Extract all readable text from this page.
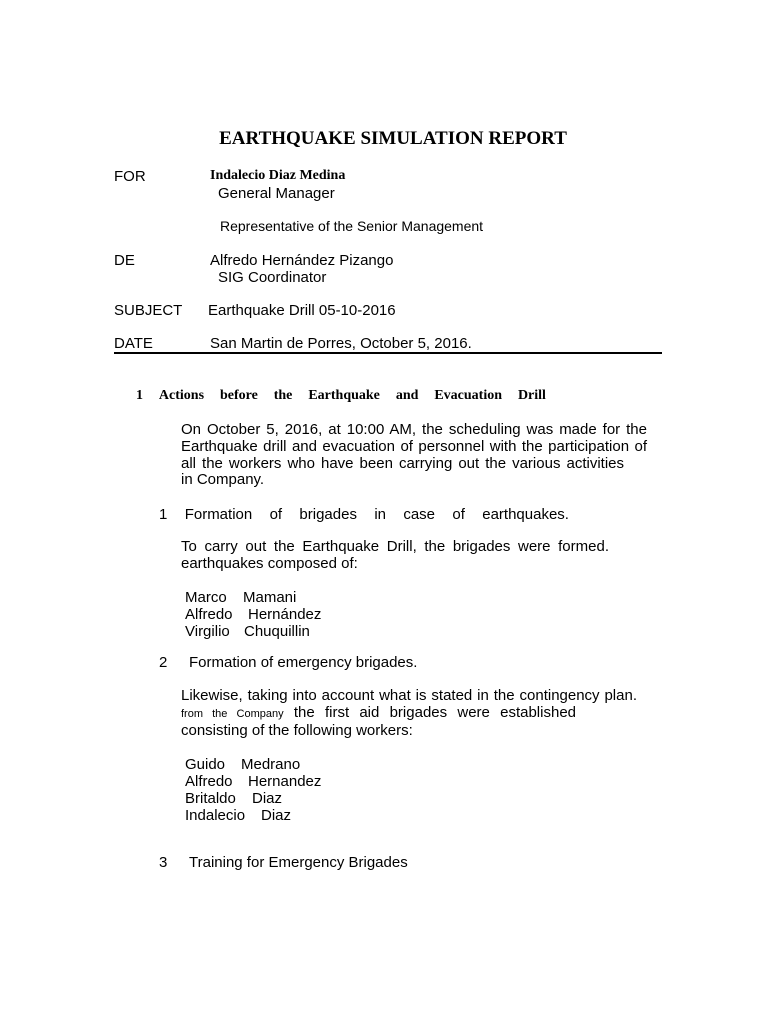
EARTHQUAKE SIMULATION REPORT
FOR	Indalecio Diaz Medina
General Manager
Representative of the Senior Management
DE	Alfredo Hernández Pizango
SIG Coordinator
SUBJECT Earthquake Drill 05-10-2016
DATE	San Martin de Porres, October 5, 2016.
1 Actions before the Earthquake and Evacuation Drill
On October 5, 2016, at 10:00 AM, the scheduling was made for the
Earthquake drill and evacuation of personnel with the participation of
all the workers who have been carrying out the various activities
in Company.
1 Formation of brigades in case of earthquakes.
To carry out the Earthquake Drill, the brigades were formed.
earthquakes composed of:
Marco Mamani
Alfredo Hernández
Virgilio Chuquillin
2 Formation of emergency brigades.
Likewise, taking into account what is stated in the contingency plan.
from the Company the first aid brigades were established
consisting of the following workers:
Guido Medrano
Alfredo Hernandez
Britaldo Diaz
Indalecio Diaz
3 Training for Emergency Brigades
